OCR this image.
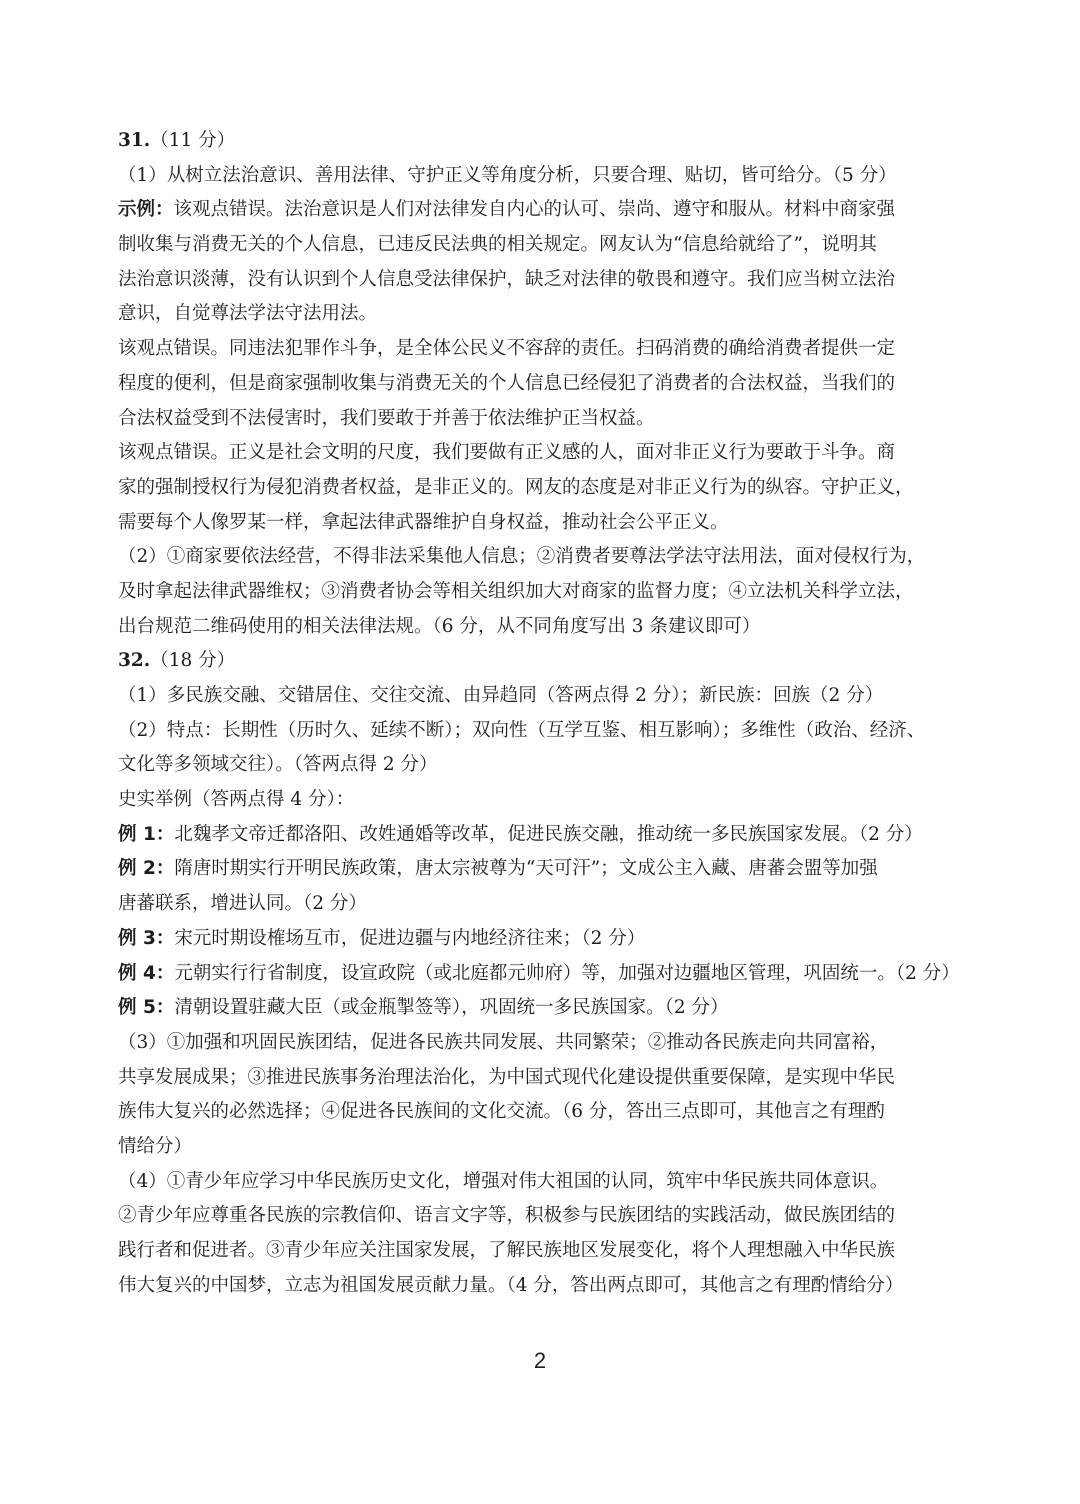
31.（11 分）
（1）从树立法治意识、善用法律、守护正义等角度分析，只要合理、贴切，皆可给分。（5 分）
示例：该观点错误。法治意识是人们对法律发自内心的认可、崇尚、遵守和服从。材料中商家强
制收集与消费无关的个人信息，已违反民法典的相关规定。网友认为“信息给就给了”，说明其
法治意识淡薄，没有认识到个人信息受法律保护，缺乏对法律的敬畏和遵守。我们应当树立法治
意识，自觉尊法学法守法用法。
该观点错误。同违法犯罪作斗争，是全体公民义不容辞的责任。扫码消费的确给消费者提供一定
程度的便利，但是商家强制收集与消费无关的个人信息已经侵犯了消费者的合法权益，当我们的
合法权益受到不法侵害时，我们要敢于并善于依法维护正当权益。
该观点错误。正义是社会文明的尺度，我们要做有正义感的人，面对非正义行为要敢于斗争。商
家的强制授权行为侵犯消费者权益，是非正义的。网友的态度是对非正义行为的纵容。守护正义，
需要每个人像罗某一样，拿起法律武器维护自身权益，推动社会公平正义。
（2）①商家要依法经营，不得非法采集他人信息；②消费者要尊法学法守法用法，面对侵权行为，
及时拿起法律武器维权；③消费者协会等相关组织加大对商家的监督力度；④立法机关科学立法，
出台规范二维码使用的相关法律法规。（6 分，从不同角度写出 3 条建议即可）
32.（18 分）
（1）多民族交融、交错居住、交往交流、由异趋同（答两点得 2 分）；新民族：回族（2 分）
（2）特点：长期性（历时久、延续不断）；双向性（互学互鉴、相互影响）；多维性（政治、经济、
文化等多领域交往）。（答两点得 2 分）
史实举例（答两点得 4 分）：
例 1：北魏孝文帝迁都洛阳、改姓通婚等改革，促进民族交融，推动统一多民族国家发展。（2 分）
例 2：隋唐时期实行开明民族政策，唐太宗被尊为“天可汗”；文成公主入藏、唐蕃会盟等加强
唐蕃联系，增进认同。（2 分）
例 3：宋元时期设榷场互市，促进边疆与内地经济往来；（2 分）
例 4：元朝实行行省制度，设宣政院（或北庭都元帅府）等，加强对边疆地区管理，巩固统一。（2 分）
例 5：清朝设置驻藏大臣（或金瓶掣签等），巩固统一多民族国家。（2 分）
（3）①加强和巩固民族团结，促进各民族共同发展、共同繁荣；②推动各民族走向共同富裕，
共享发展成果；③推进民族事务治理法治化，为中国式现代化建设提供重要保障，是实现中华民
族伟大复兴的必然选择；④促进各民族间的文化交流。（6 分，答出三点即可，其他言之有理酌
情给分）
（4）①青少年应学习中华民族历史文化，增强对伟大祖国的认同，筑牢中华民族共同体意识。
②青少年应尊重各民族的宗教信仰、语言文字等，积极参与民族团结的实践活动，做民族团结的
践行者和促进者。③青少年应关注国家发展，了解民族地区发展变化，将个人理想融入中华民族
伟大复兴的中国梦，立志为祖国发展贡献力量。（4 分，答出两点即可，其他言之有理酌情给分）
2
